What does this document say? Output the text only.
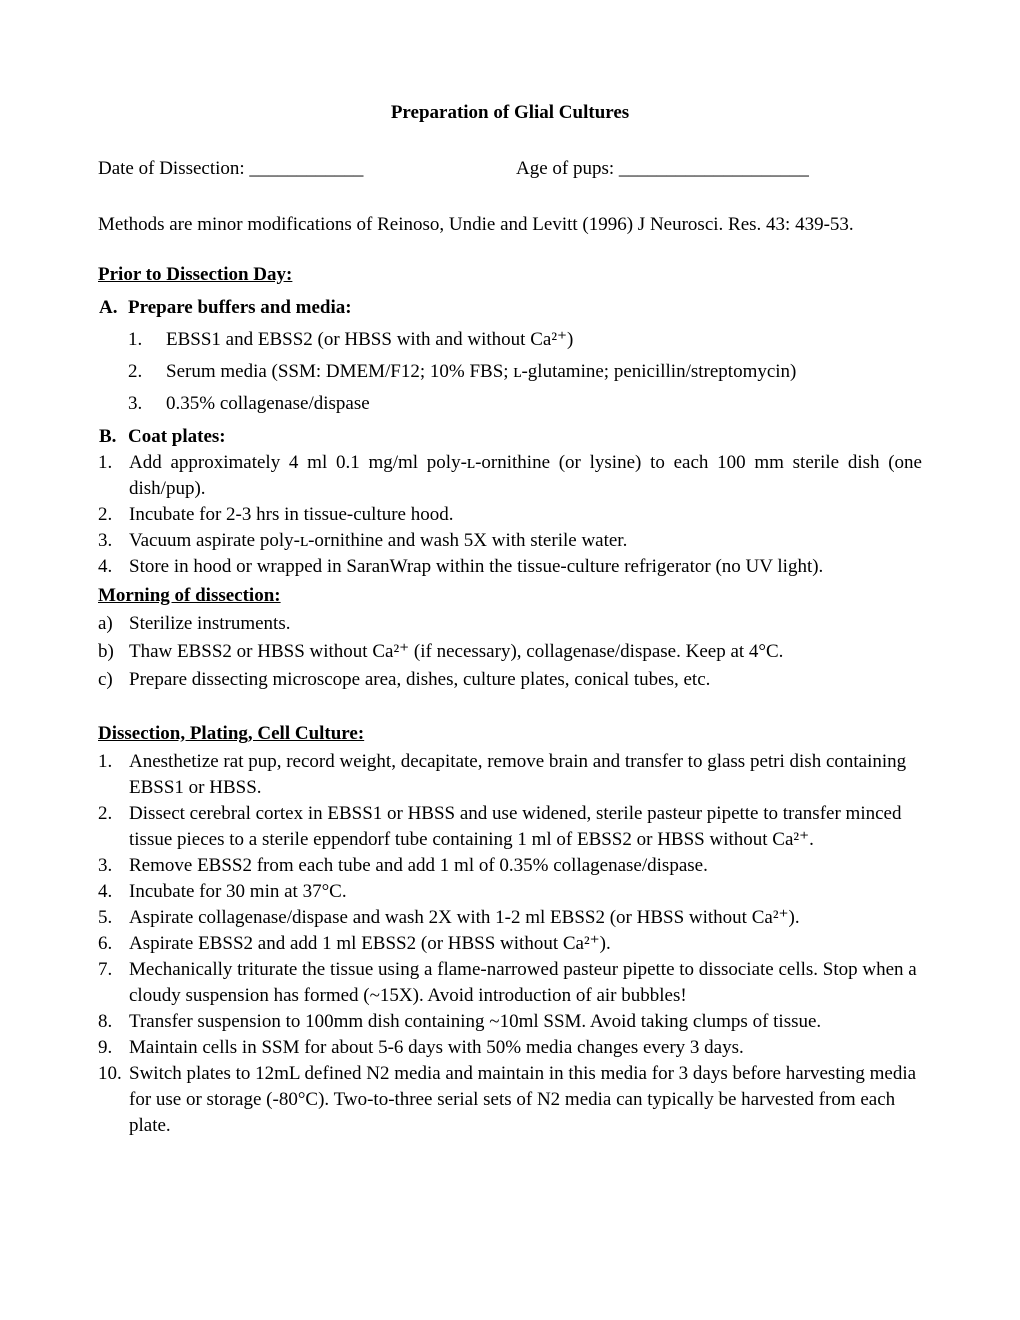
Preparation of Glial Cultures
Date of Dissection: ____________	Age of pups: ____________________

Methods are minor modifications of Reinoso, Undie and Levitt (1996) J Neurosci. Res. 43: 439-53.

Prior to Dissection Day:
A. Prepare buffers and media:
1. EBSS1 and EBSS2 (or HBSS with and without Ca²⁺)
2. Serum media (SSM: DMEM/F12; 10% FBS; ʟ-glutamine; penicillin/streptomycin)
3. 0.35% collagenase/dispase
B. Coat plates:
1. Add approximately 4 ml 0.1 mg/ml poly-ʟ-ornithine (or lysine) to each 100 mm sterile dish (one dish/pup).
2. Incubate for 2-3 hrs in tissue-culture hood.
3. Vacuum aspirate poly-ʟ-ornithine and wash 5X with sterile water.
4. Store in hood or wrapped in SaranWrap within the tissue-culture refrigerator (no UV light).
Morning of dissection:
a) Sterilize instruments.
b) Thaw EBSS2 or HBSS without Ca²⁺ (if necessary), collagenase/dispase. Keep at 4°C.
c) Prepare dissecting microscope area, dishes, culture plates, conical tubes, etc.
Dissection, Plating, Cell Culture:
1. Anesthetize rat pup, record weight, decapitate, remove brain and transfer to glass petri dish containing EBSS1 or HBSS.
2. Dissect cerebral cortex in EBSS1 or HBSS and use widened, sterile pasteur pipette to transfer minced tissue pieces to a sterile eppendorf tube containing 1 ml of EBSS2 or HBSS without Ca²⁺.
3. Remove EBSS2 from each tube and add 1 ml of 0.35% collagenase/dispase.
4. Incubate for 30 min at 37°C.
5. Aspirate collagenase/dispase and wash 2X with 1-2 ml EBSS2 (or HBSS without Ca²⁺).
6. Aspirate EBSS2 and add 1 ml EBSS2 (or HBSS without Ca²⁺).
7. Mechanically triturate the tissue using a flame-narrowed pasteur pipette to dissociate cells. Stop when a cloudy suspension has formed (~15X). Avoid introduction of air bubbles!
8. Transfer suspension to 100mm dish containing ~10ml SSM. Avoid taking clumps of tissue.
9. Maintain cells in SSM for about 5-6 days with 50% media changes every 3 days.
10. Switch plates to 12mL defined N2 media and maintain in this media for 3 days before harvesting media for use or storage (-80°C). Two-to-three serial sets of N2 media can typically be harvested from each plate.
